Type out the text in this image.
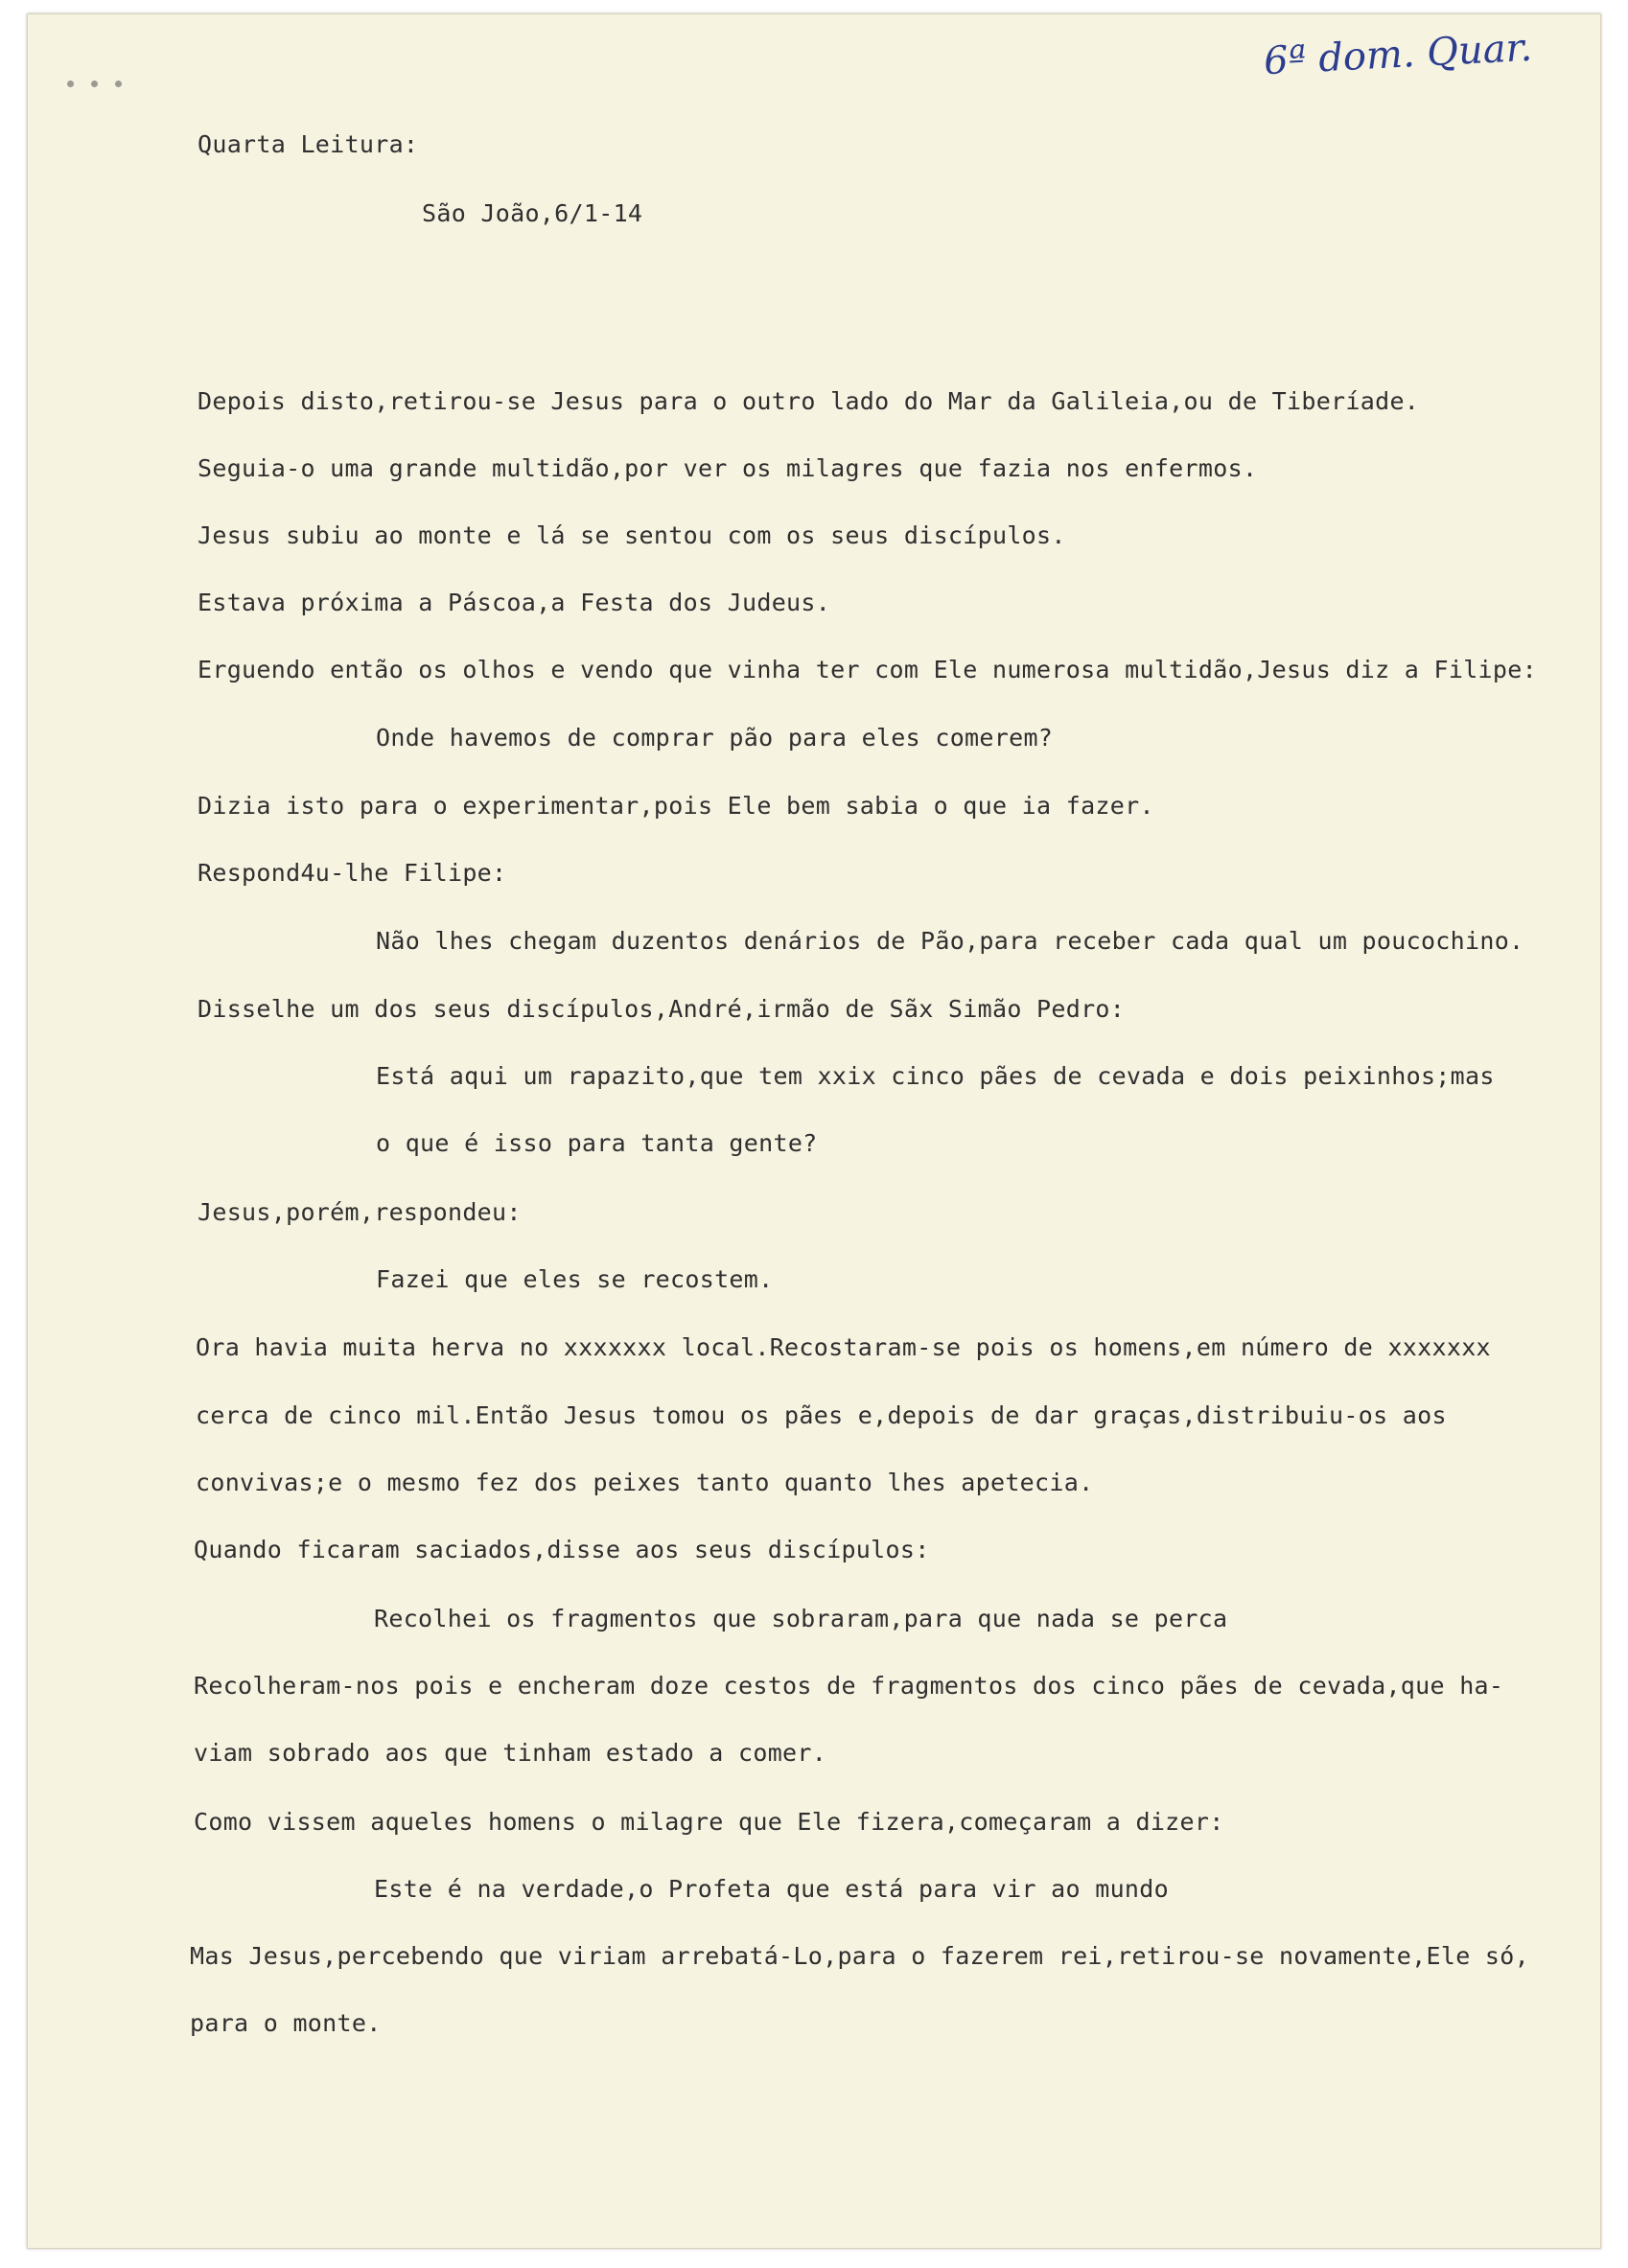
6ª dom. Quar.
Quarta Leitura:
São João,6/1-14
Depois disto,retirou-se Jesus para o outro lado do Mar da Galileia,ou de Tiberíade.
Seguia-o uma grande multidão,por ver os milagres que fazia nos enfermos.
Jesus subiu ao monte e lá se sentou com os seus discípulos.
Estava próxima a Páscoa,a Festa dos Judeus.
Erguendo então os olhos e vendo que vinha ter com Ele numerosa multidão,Jesus diz a Filipe:
Onde havemos de comprar pão para eles comerem?
Dizia isto para o experimentar,pois Ele bem sabia o que ia fazer.
Respond4u-lhe Filipe:
Não lhes chegam duzentos denários de Pão,para receber cada qual um poucochino.
Disselhe um dos seus discípulos,André,irmão de Sãx Simão Pedro:
Está aqui um rapazito,que tem xxix cinco pães de cevada e dois peixinhos;mas
o que é isso para tanta gente?
Jesus,porém,respondeu:
Fazei que eles se recostem.
Ora havia muita herva no xxxxxxx local.Recostaram-se pois os homens,em número de xxxxxxx
cerca de cinco mil.Então Jesus tomou os pães e,depois de dar graças,distribuiu-os aos
convivas;e o mesmo fez dos peixes tanto quanto lhes apetecia.
Quando ficaram saciados,disse aos seus discípulos:
Recolhei os fragmentos que sobraram,para que nada se perca
Recolheram-nos pois e encheram doze cestos de fragmentos dos cinco pães de cevada,que ha-
viam sobrado aos que tinham estado a comer.
Como vissem aqueles homens o milagre que Ele fizera,começaram a dizer:
Este é na verdade,o Profeta que está para vir ao mundo
Mas Jesus,percebendo que viriam arrebatá-Lo,para o fazerem rei,retirou-se novamente,Ele só,
para o monte.
